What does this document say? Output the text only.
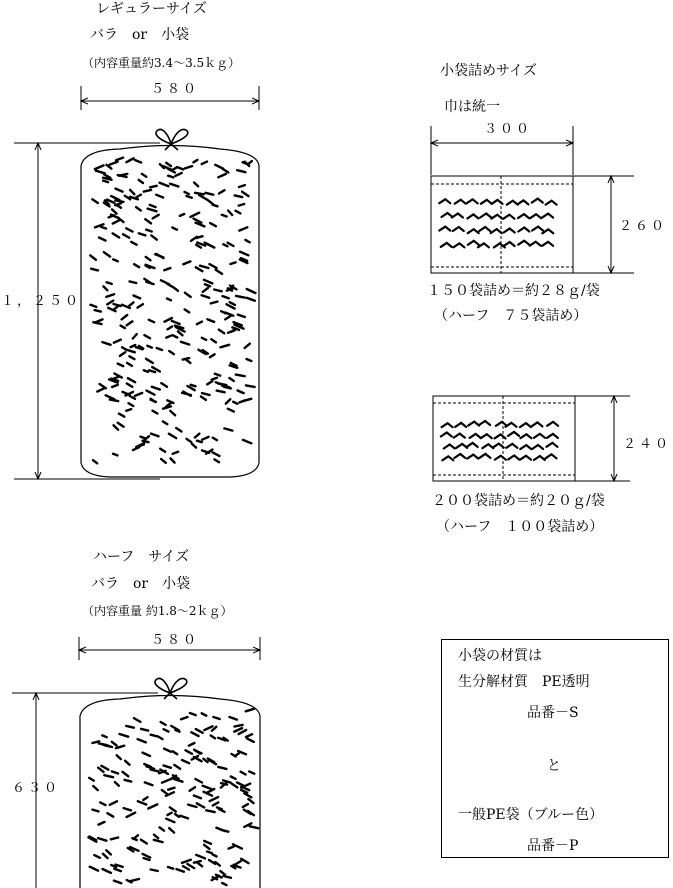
レギュラーサイズ
バラ　or　小袋
（内容重量約3.4～3.5ｋｇ）
５８０
１，２５０
ハーフ　サイズ
バラ　or　小袋
（内容重量 約1.8～2ｋｇ）
５８０
６３０
小袋詰めサイズ
巾は統一
３００
２６０
１５０袋詰め＝約２８ｇ/袋
（ハーフ　７５袋詰め）
２４０
２００袋詰め＝約２０ｇ/袋
（ハーフ　１００袋詰め）
小袋の材質は
生分解材質　PE透明
品番－S
と
一般PE袋（ブルー色）
品番－P
